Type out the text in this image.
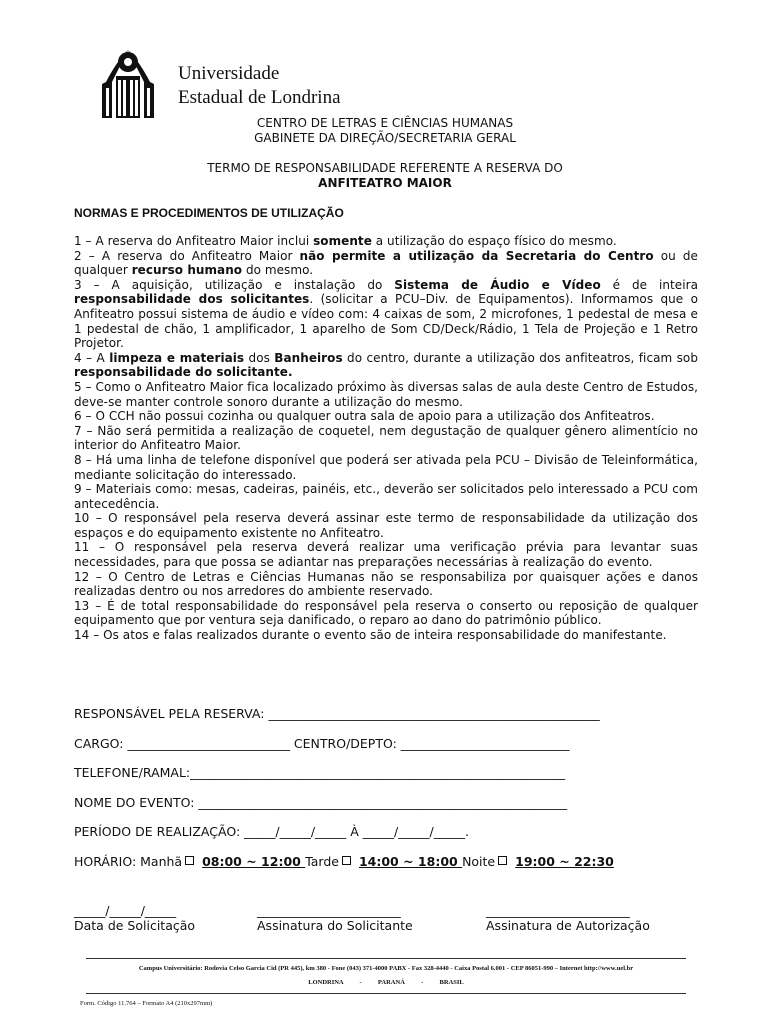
Universidade
Estadual de Londrina
CENTRO DE LETRAS E CIÊNCIAS HUMANAS
GABINETE DA DIREÇÃO/SECRETARIA GERAL
TERMO DE RESPONSABILIDADE REFERENTE A RESERVA DO
ANFITEATRO MAIOR
NORMAS E PROCEDIMENTOS DE UTILIZAÇÃO

1 – A reserva do Anfiteatro Maior inclui somente a utilização do espaço físico do mesmo.

2 – A reserva do Anfiteatro Maior não permite a utilização da Secretaria do Centro ou de qualquer recurso humano do mesmo.

3 – A aquisição, utilização e instalação do Sistema de Áudio e Vídeo é de inteira responsabilidade dos solicitantes. (solicitar a PCU–Div. de Equipamentos). Informamos que o Anfiteatro possui sistema de áudio e vídeo com: 4 caixas de som, 2 microfones, 1 pedestal de mesa e 1 pedestal de chão, 1 amplificador, 1 aparelho de Som CD/Deck/Rádio, 1 Tela de Projeção e 1 Retro Projetor.

4 – A limpeza e materiais dos Banheiros do centro, durante a utilização dos anfiteatros, ficam sob responsabilidade do solicitante.

5 – Como o Anfiteatro Maior fica localizado próximo às diversas salas de aula deste Centro de Estudos, deve-se manter controle sonoro durante a utilização do mesmo.

6 – O CCH não possui cozinha ou qualquer outra sala de apoio para a utilização dos Anfiteatros.

7 – Não será permitida a realização de coquetel, nem degustação de qualquer gênero alimentício no interior do Anfiteatro Maior.

8 – Há uma linha de telefone disponível que poderá ser ativada pela PCU – Divisão de Teleinformática, mediante solicitação do interessado.

9 – Materiais como: mesas, cadeiras, painéis, etc., deverão ser solicitados pelo interessado a PCU com antecedência.

10 – O responsável pela reserva deverá assinar este termo de responsabilidade da utilização dos espaços e do equipamento existente no Anfiteatro.

11 – O responsável pela reserva deverá realizar uma verificação prévia para levantar suas necessidades, para que possa se adiantar nas preparações necessárias à realização do evento.

12 – O Centro de Letras e Ciências Humanas não se responsabiliza por quaisquer ações e danos realizadas dentro ou nos arredores do ambiente reservado.

13 – É de total responsabilidade do responsável pela reserva o conserto ou reposição de qualquer equipamento que por ventura seja danificado, o reparo ao dano do patrimônio público.

14 – Os atos e falas realizados durante o evento são de inteira responsabilidade do manifestante.

RESPONSÁVEL PELA RESERVA: _____________________________________________________
CARGO: __________________________ CENTRO/DEPTO: ___________________________
TELEFONE/RAMAL:____________________________________________________________
NOME DO EVENTO: ___________________________________________________________
PERÍODO DE REALIZAÇÃO: _____/_____/_____ À _____/_____/_____.
HORÁRIO: Manhã 08:00 ~ 12:00 Tarde 14:00 ~ 18:00 Noite 19:00 ~ 22:30
_____/_____/_____
Data de Solicitação
_______________________
Assinatura do Solicitante
_______________________
Assinatura de Autorização
Campus Universitário: Rodovia Celso Garcia Cid (PR 445), km 380 - Fone (043) 371-4000 PABX - Fax 328-4440 - Caixa Postal 6.001 - CEP 86051-990 – Internet http://www.uel.br
LONDRINA          -          PARANÁ          -          BRASIL
Form. Código 11.764 – Formato A4 (210x297mm)
